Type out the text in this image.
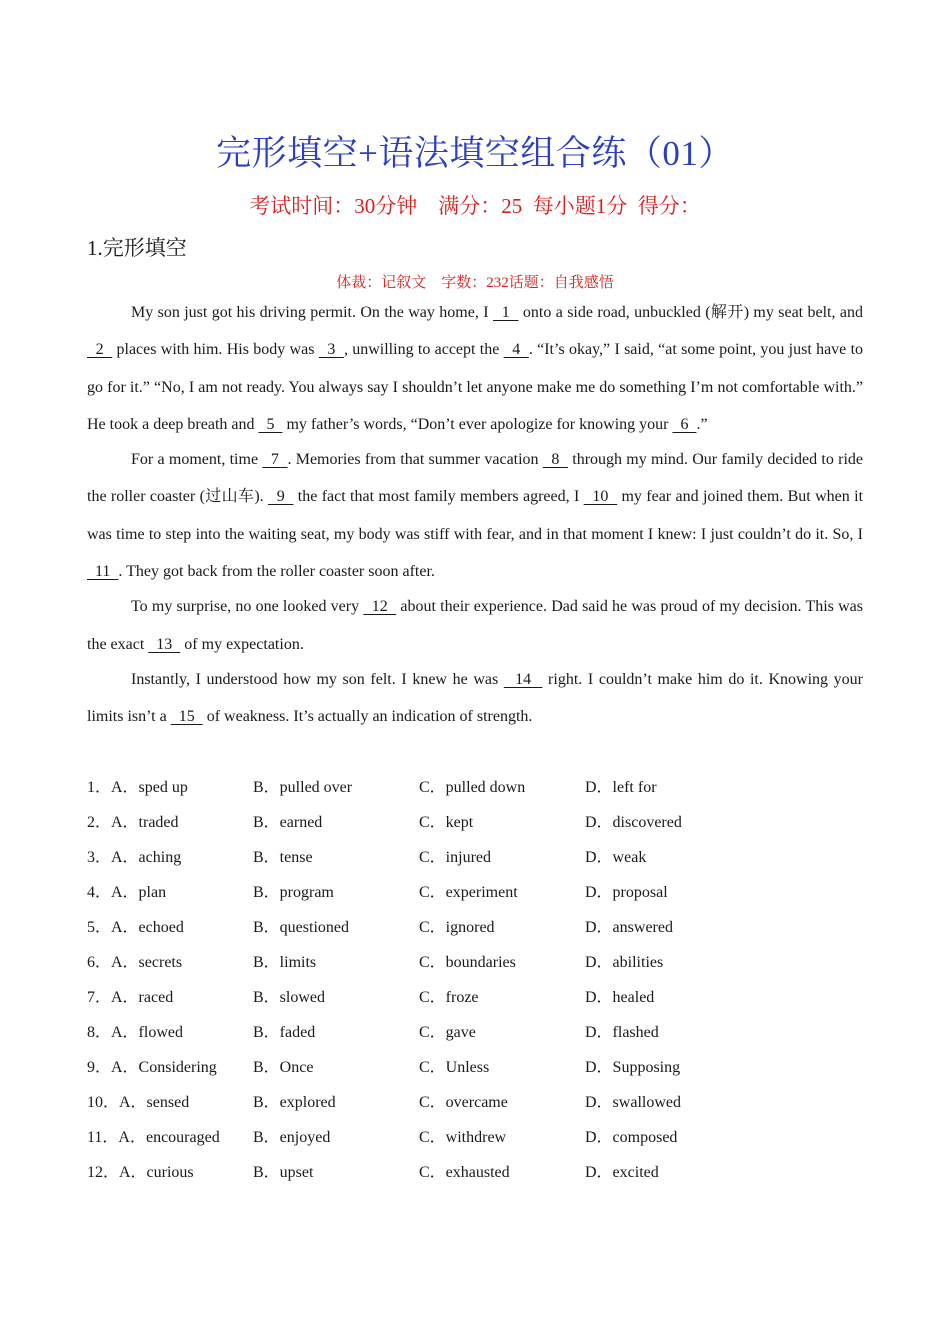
完形填空+语法填空组合练（01）
考试时间：30分钟    满分：25  每小题1分  得分：
1.完形填空
体裁：记叙文    字数：232话题：自我感悟

My son just got his driving permit. On the way home, I   1   onto a side road, unbuckled (解开) my seat belt, and   2   places with him. His body was   3  , unwilling to accept the   4  . “It’s okay,” I said, “at some point, you just have to go for it.” “No, I am not ready. You always say I shouldn’t let anyone make me do something I’m not comfortable with.” He took a deep breath and   5   my father’s words, “Don’t ever apologize for knowing your   6  .”

For a moment, time   7  . Memories from that summer vacation   8   through my mind. Our family decided to ride the roller coaster (过山车).   9   the fact that most family members agreed, I   10   my fear and joined them. But when it was time to step into the waiting seat, my body was stiff with fear, and in that moment I knew: I just couldn’t do it. So, I   11  . They got back from the roller coaster soon after.

To my surprise, no one looked very   12   about their experience. Dad said he was proud of my decision. This was the exact   13   of my expectation.

Instantly, I understood how my son felt. I knew he was   14   right. I couldn’t make him do it. Knowing your limits isn’t a   15   of weakness. It’s actually an indication of strength.

1．A．sped up	B．pulled over	C．pulled down	D．left for
2．A．traded	B．earned	C．kept	D．discovered
3．A．aching	B．tense	C．injured	D．weak
4．A．plan	B．program	C．experiment	D．proposal
5．A．echoed	B．questioned	C．ignored	D．answered
6．A．secrets	B．limits	C．boundaries	D．abilities
7．A．raced	B．slowed	C．froze	D．healed
8．A．flowed	B．faded	C．gave	D．flashed
9．A．Considering	B．Once	C．Unless	D．Supposing
10．A．sensed	B．explored	C．overcame	D．swallowed
11．A．encouraged	B．enjoyed	C．withdrew	D．composed
12．A．curious	B．upset	C．exhausted	D．excited
